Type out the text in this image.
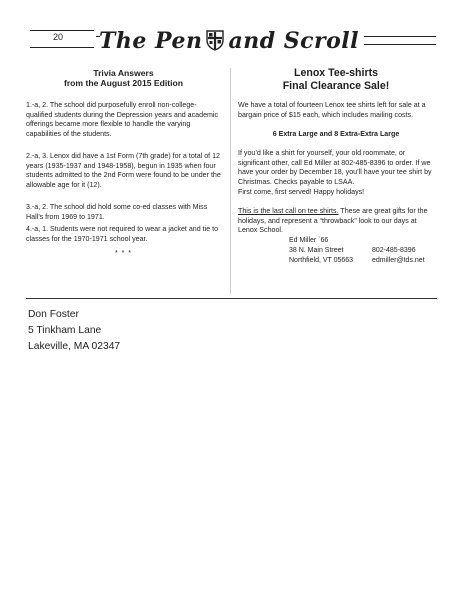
20 The Pen and Scroll
Trivia Answers
from the August 2015 Edition
1.-a, 2. The school did purposefully enroll non-college-qualified students during the Depression years and academic offerings became more flexible to handle the varying capabilities of the students.
2.-a, 3. Lenox did have a 1st Form (7th grade) for a total of 12 years (1935-1937 and 1948-1958), begun in 1935 when four students admitted to the 2nd Form were found to be under the allowable age for it (12).
3.-a, 2. The school did hold some co-ed classes with Miss Hall’s from 1969 to 1971.
4.-a, 1. Students were not required to wear a jacket and tie to classes for the 1970-1971 school year.
* * *
Lenox Tee-shirts
Final Clearance Sale!
We have a total of fourteen Lenox tee shirts left for sale at a bargain price of $15 each, which includes mailing costs.
6 Extra Large and 8 Extra-Extra Large
If you’d like a shirt for yourself, your old roommate, or significant other, call Ed Miller at 802-485-8396 to order. If we have your order by December 18, you’ll have your tee shirt by Christmas. Checks payable to LSAA.
First come, first served! Happy holidays!
This is the last call on tee shirts. These are great gifts for the holidays, and represent a “throwback” look to our days at Lenox School.
Ed Miller `66
38 N. Main Street
Northfield, VT 05663
802-485-8396
edmiller@tds.net
Don Foster
5 Tinkham Lane
Lakeville, MA 02347
